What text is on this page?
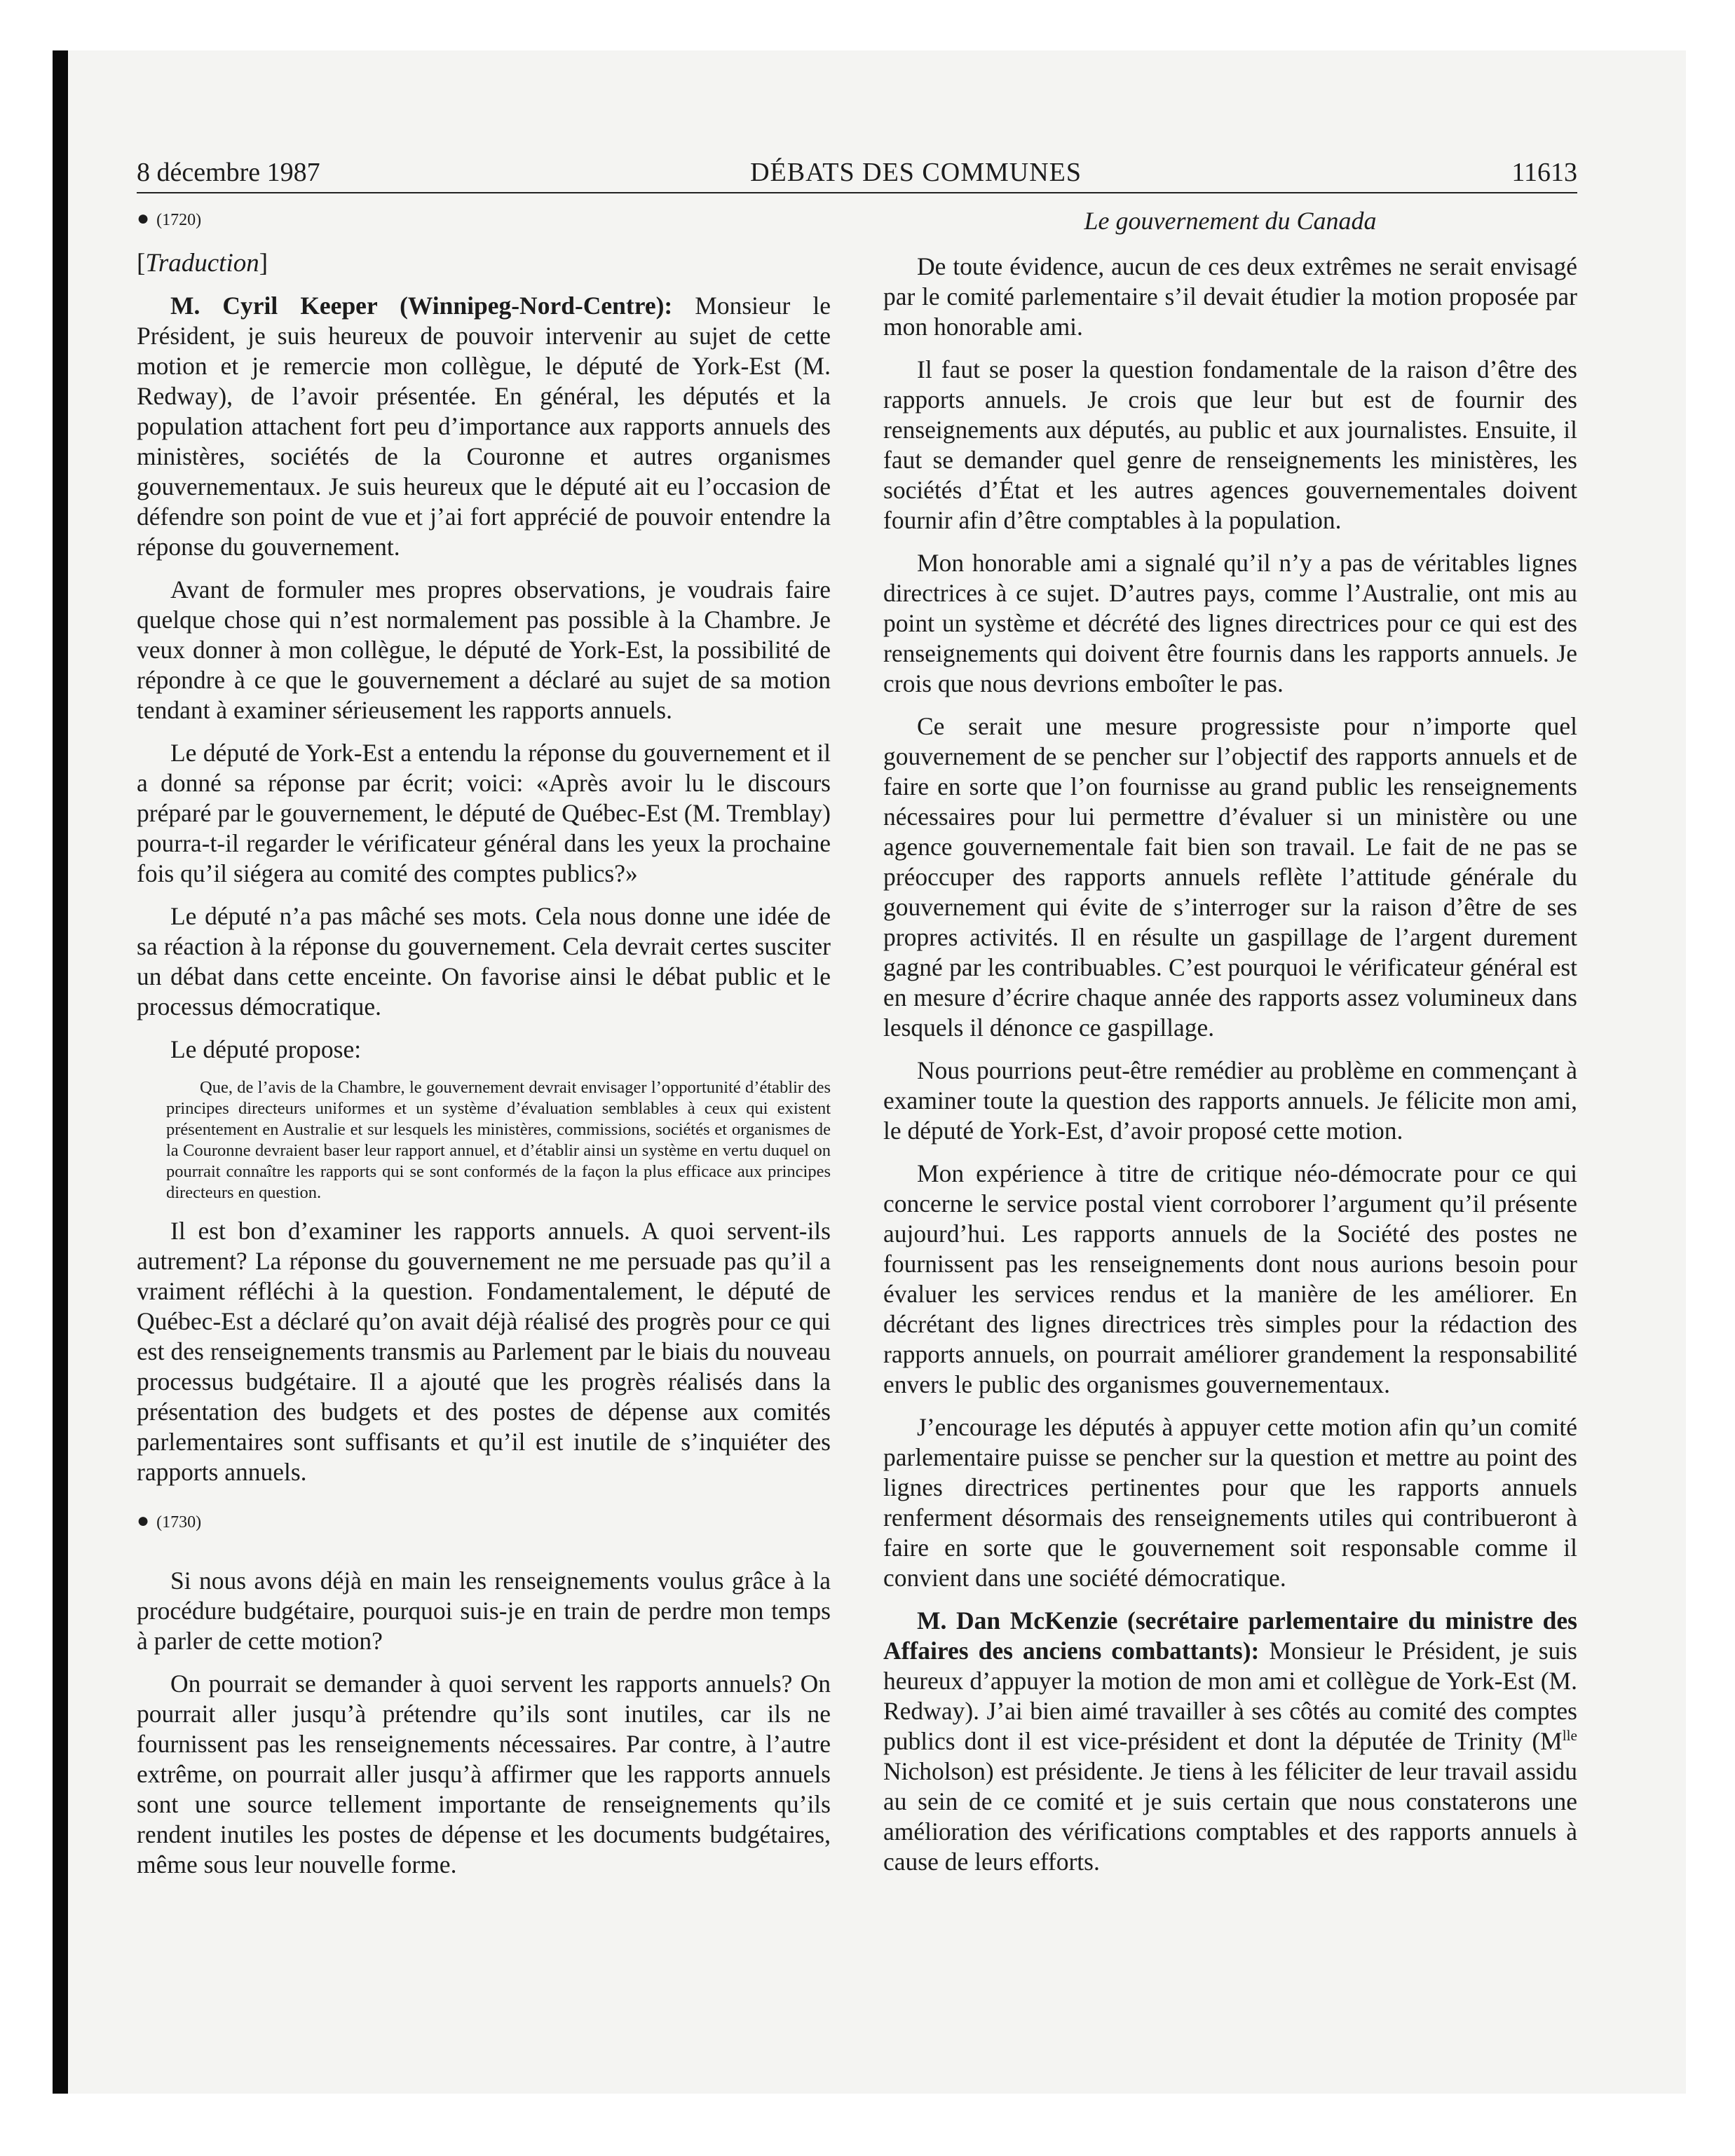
8 décembre 1987	DÉBATS DES COMMUNES	11613

● (1720)

[Traduction]

M. Cyril Keeper (Winnipeg-Nord-Centre): Monsieur le Président, je suis heureux de pouvoir intervenir au sujet de cette motion et je remercie mon collègue, le député de York-Est (M. Redway), de l’avoir présentée. En général, les députés et la population attachent fort peu d’importance aux rapports annuels des ministères, sociétés de la Couronne et autres organismes gouvernementaux. Je suis heureux que le député ait eu l’occasion de défendre son point de vue et j’ai fort apprécié de pouvoir entendre la réponse du gouvernement.

Avant de formuler mes propres observations, je voudrais faire quelque chose qui n’est normalement pas possible à la Chambre. Je veux donner à mon collègue, le député de York-Est, la possibilité de répondre à ce que le gouvernement a déclaré au sujet de sa motion tendant à examiner sérieusement les rapports annuels.

Le député de York-Est a entendu la réponse du gouvernement et il a donné sa réponse par écrit; voici: «Après avoir lu le discours préparé par le gouvernement, le député de Québec-Est (M. Tremblay) pourra-t-il regarder le vérificateur général dans les yeux la prochaine fois qu’il siégera au comité des comptes publics?»

Le député n’a pas mâché ses mots. Cela nous donne une idée de sa réaction à la réponse du gouvernement. Cela devrait certes susciter un débat dans cette enceinte. On favorise ainsi le débat public et le processus démocratique.

Le député propose:

Que, de l’avis de la Chambre, le gouvernement devrait envisager l’opportunité d’établir des principes directeurs uniformes et un système d’évaluation semblables à ceux qui existent présentement en Australie et sur lesquels les ministères, commissions, sociétés et organismes de la Couronne devraient baser leur rapport annuel, et d’établir ainsi un système en vertu duquel on pourrait connaître les rapports qui se sont conformés de la façon la plus efficace aux principes directeurs en question.

Il est bon d’examiner les rapports annuels. A quoi servent-ils autrement? La réponse du gouvernement ne me persuade pas qu’il a vraiment réfléchi à la question. Fondamentalement, le député de Québec-Est a déclaré qu’on avait déjà réalisé des progrès pour ce qui est des renseignements transmis au Parlement par le biais du nouveau processus budgétaire. Il a ajouté que les progrès réalisés dans la présentation des budgets et des postes de dépense aux comités parlementaires sont suffisants et qu’il est inutile de s’inquiéter des rapports annuels.

● (1730)

Si nous avons déjà en main les renseignements voulus grâce à la procédure budgétaire, pourquoi suis-je en train de perdre mon temps à parler de cette motion?

On pourrait se demander à quoi servent les rapports annuels? On pourrait aller jusqu’à prétendre qu’ils sont inutiles, car ils ne fournissent pas les renseignements nécessaires. Par contre, à l’autre extrême, on pourrait aller jusqu’à affirmer que les rapports annuels sont une source tellement importante de renseignements qu’ils rendent inutiles les postes de dépense et les documents budgétaires, même sous leur nouvelle forme.

Le gouvernement du Canada

De toute évidence, aucun de ces deux extrêmes ne serait envisagé par le comité parlementaire s’il devait étudier la motion proposée par mon honorable ami.

Il faut se poser la question fondamentale de la raison d’être des rapports annuels. Je crois que leur but est de fournir des renseignements aux députés, au public et aux journalistes. Ensuite, il faut se demander quel genre de renseignements les ministères, les sociétés d’État et les autres agences gouvernementales doivent fournir afin d’être comptables à la population.

Mon honorable ami a signalé qu’il n’y a pas de véritables lignes directrices à ce sujet. D’autres pays, comme l’Australie, ont mis au point un système et décrété des lignes directrices pour ce qui est des renseignements qui doivent être fournis dans les rapports annuels. Je crois que nous devrions emboîter le pas.

Ce serait une mesure progressiste pour n’importe quel gouvernement de se pencher sur l’objectif des rapports annuels et de faire en sorte que l’on fournisse au grand public les renseignements nécessaires pour lui permettre d’évaluer si un ministère ou une agence gouvernementale fait bien son travail. Le fait de ne pas se préoccuper des rapports annuels reflète l’attitude générale du gouvernement qui évite de s’interroger sur la raison d’être de ses propres activités. Il en résulte un gaspillage de l’argent durement gagné par les contribuables. C’est pourquoi le vérificateur général est en mesure d’écrire chaque année des rapports assez volumineux dans lesquels il dénonce ce gaspillage.

Nous pourrions peut-être remédier au problème en commençant à examiner toute la question des rapports annuels. Je félicite mon ami, le député de York-Est, d’avoir proposé cette motion.

Mon expérience à titre de critique néo-démocrate pour ce qui concerne le service postal vient corroborer l’argument qu’il présente aujourd’hui. Les rapports annuels de la Société des postes ne fournissent pas les renseignements dont nous aurions besoin pour évaluer les services rendus et la manière de les améliorer. En décrétant des lignes directrices très simples pour la rédaction des rapports annuels, on pourrait améliorer grandement la responsabilité envers le public des organismes gouvernementaux.

J’encourage les députés à appuyer cette motion afin qu’un comité parlementaire puisse se pencher sur la question et mettre au point des lignes directrices pertinentes pour que les rapports annuels renferment désormais des renseignements utiles qui contribueront à faire en sorte que le gouvernement soit responsable comme il convient dans une société démocratique.

M. Dan McKenzie (secrétaire parlementaire du ministre des Affaires des anciens combattants): Monsieur le Président, je suis heureux d’appuyer la motion de mon ami et collègue de York-Est (M. Redway). J’ai bien aimé travailler à ses côtés au comité des comptes publics dont il est vice-président et dont la députée de Trinity ($M^{lle}$ Nicholson) est présidente. Je tiens à les féliciter de leur travail assidu au sein de ce comité et je suis certain que nous constaterons une amélioration des vérifications comptables et des rapports annuels à cause de leurs efforts.
